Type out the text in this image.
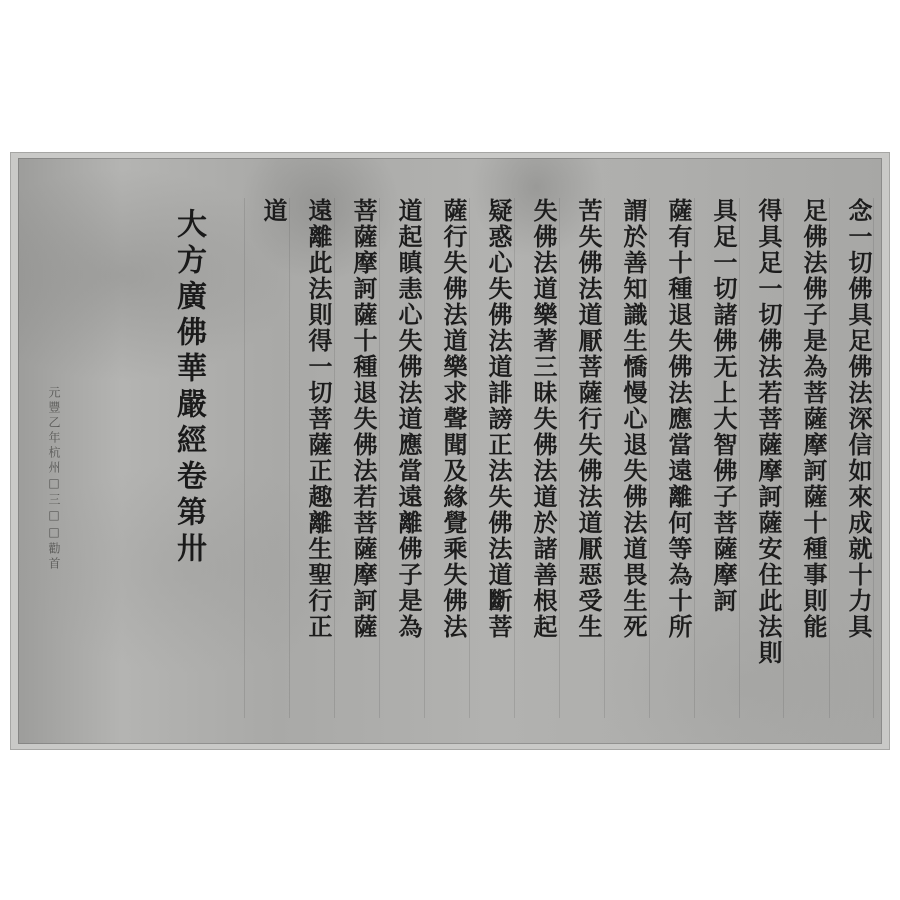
念一切佛具足佛法深信如來成就十力具
足佛法佛子是為菩薩摩訶薩十種事則能
得具足一切佛法若菩薩摩訶薩安住此法則
具足一切諸佛无上大智佛子菩薩摩訶
薩有十種退失佛法應當遠離何等為十所
謂於善知識生憍慢心退失佛法道畏生死
苦失佛法道厭菩薩行失佛法道厭惡受生
失佛法道樂著三昧失佛法道於諸善根起
疑惑心失佛法道誹謗正法失佛法道斷菩
薩行失佛法道樂求聲聞及緣覺乘失佛法
道起瞋恚心失佛法道應當遠離佛子是為
菩薩摩訶薩十種退失佛法若菩薩摩訶薩
遠離此法則得一切菩薩正趣離生聖行正
道
大方廣佛華嚴經卷第卅
元豐乙年杭州□三□□勸首
